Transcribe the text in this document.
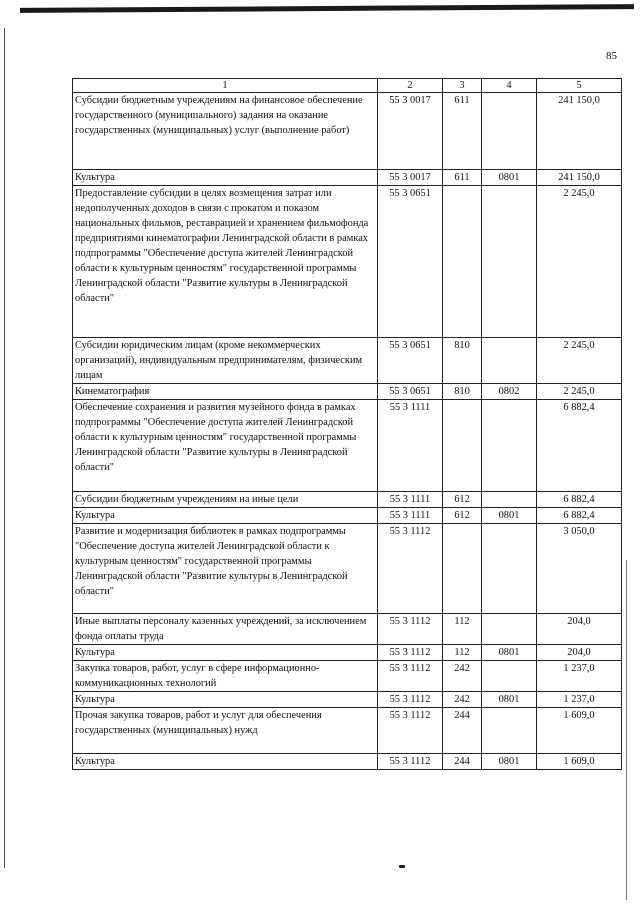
85
1	2	3	4	5
Субсидии бюджетным учреждениям на финансовое обеспечение государственного (муниципального) задания на оказание государственных (муниципальных) услуг (выполнение работ)	55 3 0017	611		241 150,0
Культура	55 3 0017	611	0801	241 150,0
Предоставление субсидии в целях возмещения затрат или недополученных доходов в связи с прокатом и показом национальных фильмов, реставрацией и хранением фильмофонда предприятиями кинематографии Ленинградской области в рамках подпрограммы "Обеспечение доступа жителей Ленинградской области к культурным ценностям" государственной программы Ленинградской области "Развитие культуры в Ленинградской области"	55 3 0651			2 245,0
Субсидии юридическим лицам (кроме некоммерческих организаций), индивидуальным предпринимателям, физическим лицам	55 3 0651	810		2 245,0
Кинематография	55 3 0651	810	0802	2 245,0
Обеспечение сохранения и развития музейного фонда в рамках подпрограммы "Обеспечение доступа жителей Ленинградской области к культурным ценностям" государственной программы Ленинградской области "Развитие культуры в Ленинградской области"	55 3 1111			6 882,4
Субсидии бюджетным учреждениям на иные цели	55 3 1111	612		6 882,4
Культура	55 3 1111	612	0801	6 882,4
Развитие и модернизация библиотек в рамках подпрограммы "Обеспечение доступа жителей Ленинградской области к культурным ценностям" государственной программы Ленинградской области "Развитие культуры в Ленинградской области"	55 3 1112			3 050,0
Иные выплаты персоналу казенных учреждений, за исключением фонда оплаты труда	55 3 1112	112		204,0
Культура	55 3 1112	112	0801	204,0
Закупка товаров, работ, услуг в сфере информационно-коммуникационных технологий	55 3 1112	242		1 237,0
Культура	55 3 1112	242	0801	1 237,0
Прочая закупка товаров, работ и услуг для обеспечения государственных (муниципальных) нужд	55 3 1112	244		1 609,0
Культура	55 3 1112	244	0801	1 609,0
